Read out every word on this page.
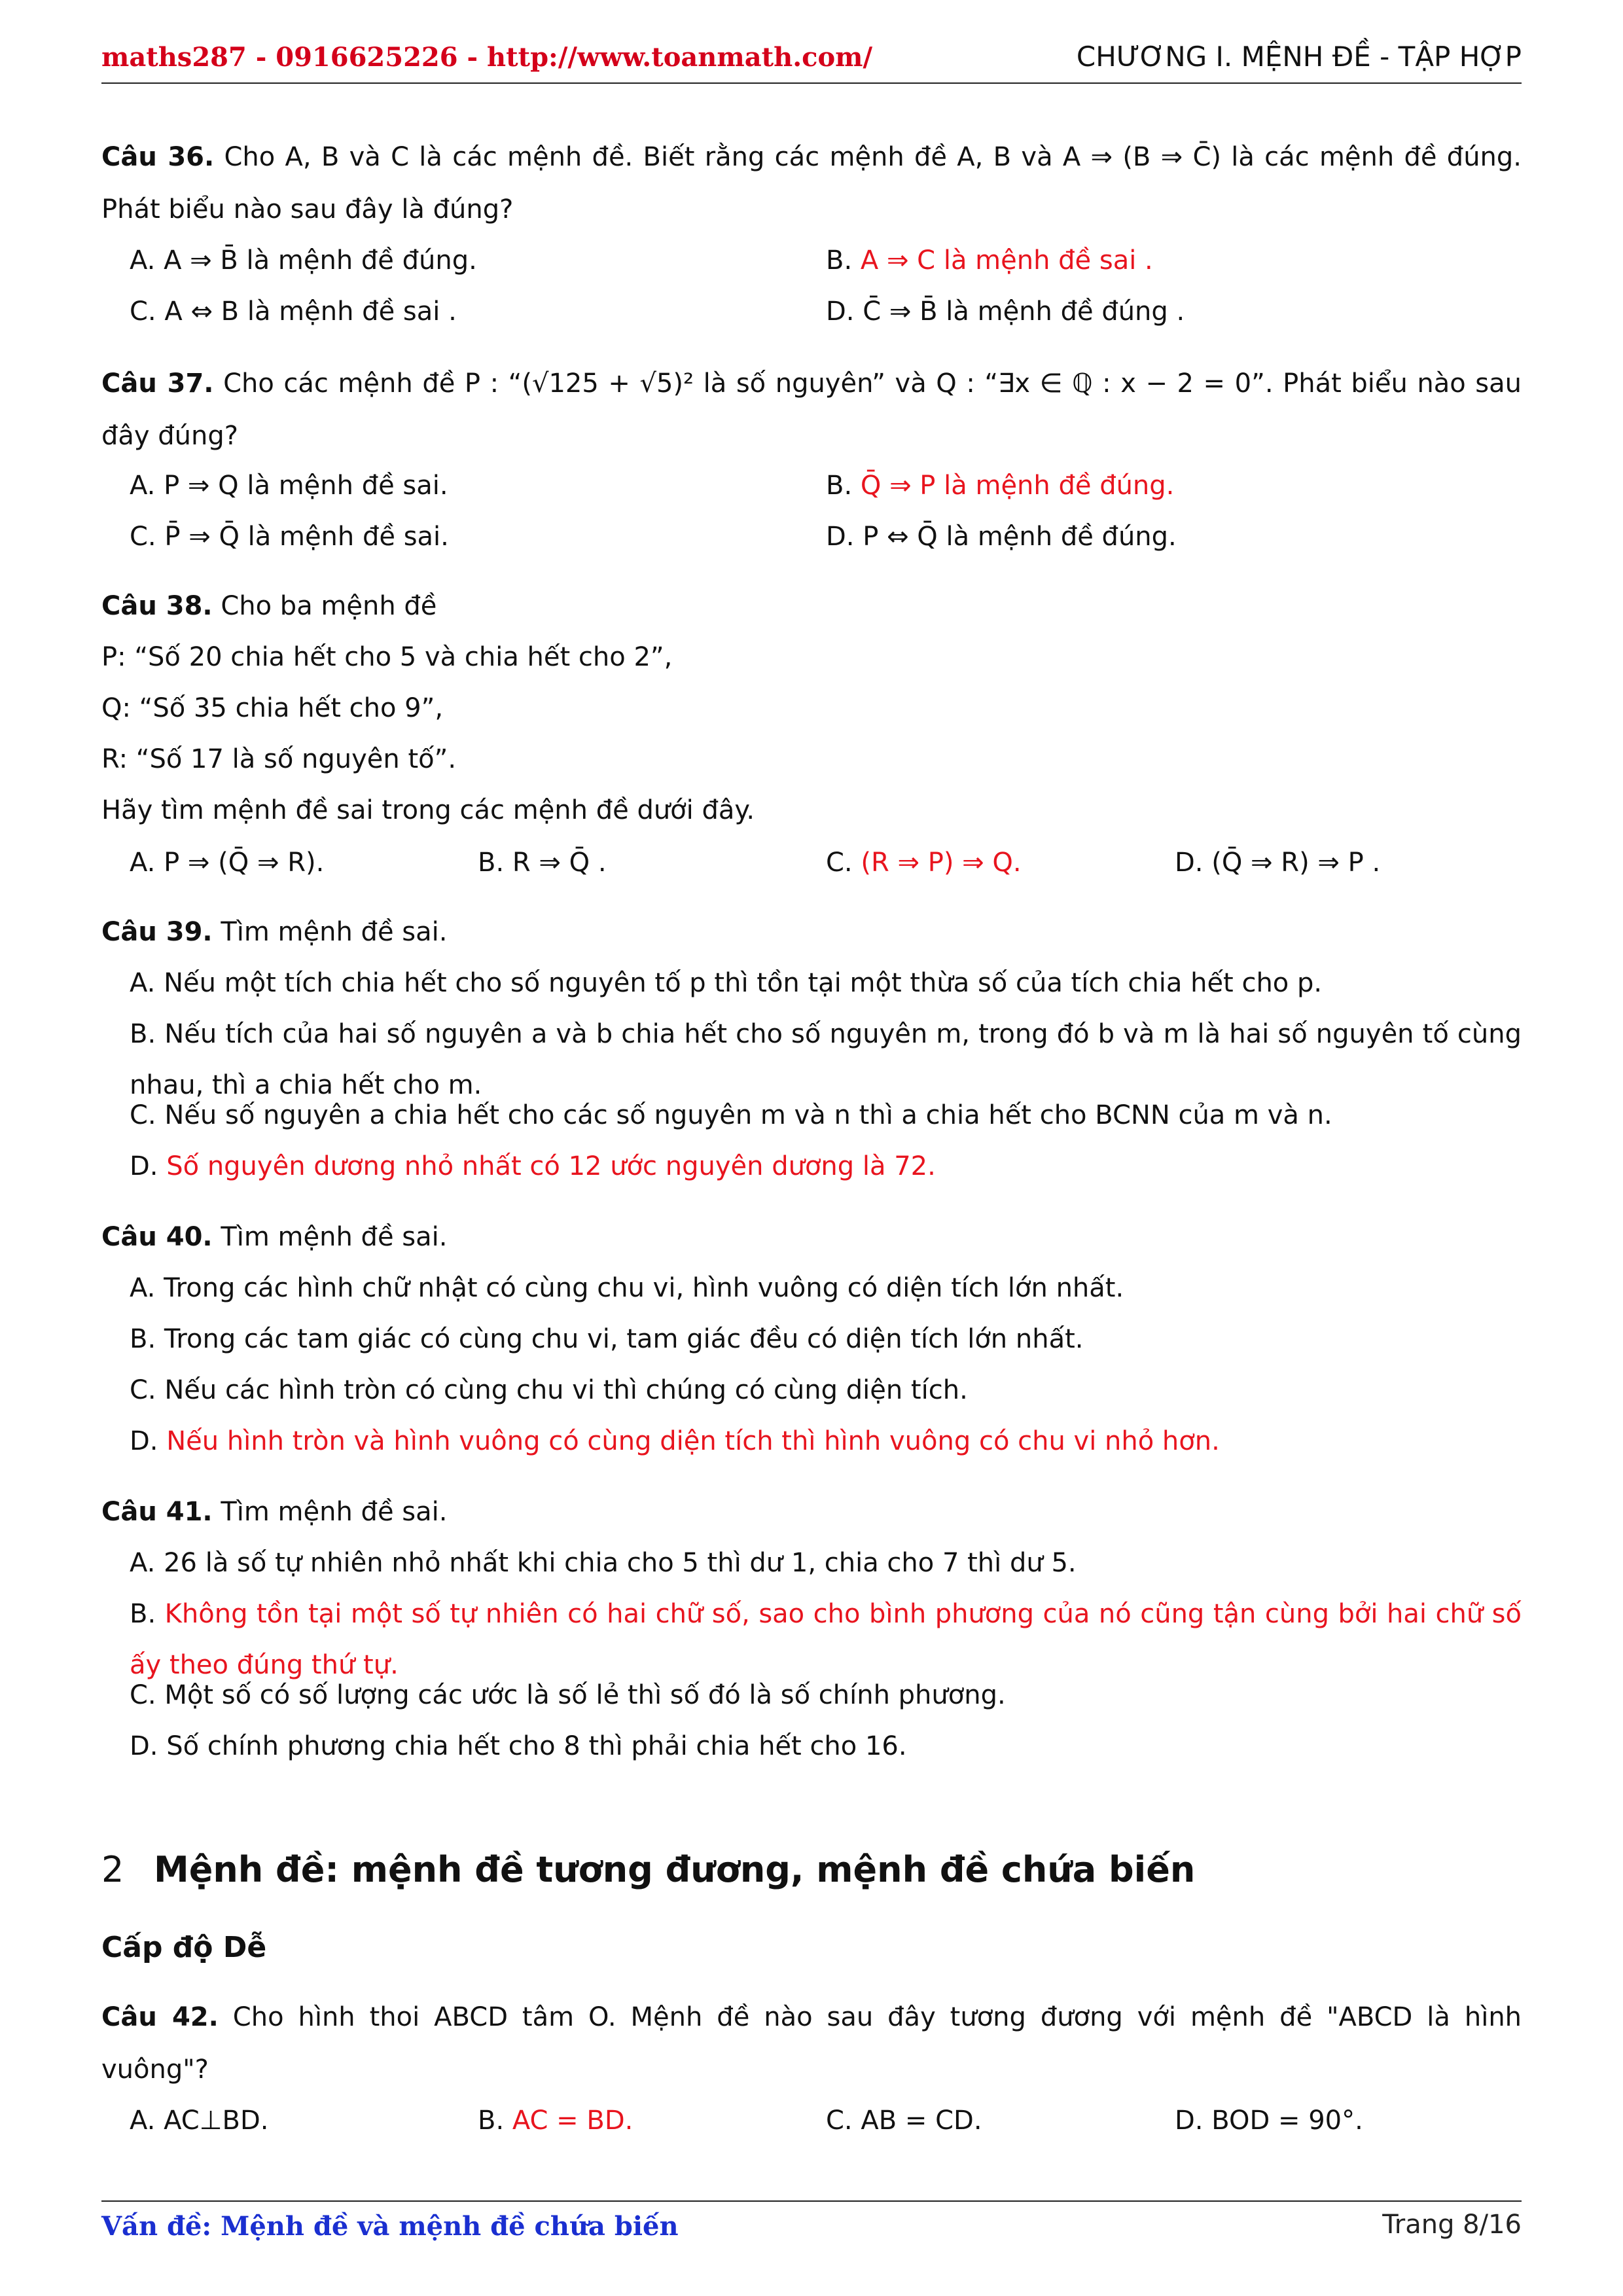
maths287 - 0916625226 - http://www.toanmath.com/	CHƯƠNG I. MỆNH ĐỀ - TẬP HỢP
Câu 36. Cho A, B và C là các mệnh đề. Biết rằng các mệnh đề A, B và A ⇒ (B ⇒ C̄) là các mệnh đề đúng.
Phát biểu nào sau đây là đúng?
A. A ⇒ B̄ là mệnh đề đúng.	B. A ⇒ C là mệnh đề sai .
C. A ⇔ B là mệnh đề sai .	D. C̄ ⇒ B̄ là mệnh đề đúng .
Câu 37. Cho các mệnh đề P : “(√125 + √5)² là số nguyên” và Q : “∃x ∈ ℚ : x − 2 = 0”. Phát biểu nào sau
đây đúng?
A. P ⇒ Q là mệnh đề sai.	B. Q̄ ⇒ P là mệnh đề đúng.
C. P̄ ⇒ Q̄ là mệnh đề sai.	D. P ⇔ Q̄ là mệnh đề đúng.
Câu 38. Cho ba mệnh đề
P: “Số 20 chia hết cho 5 và chia hết cho 2”,
Q: “Số 35 chia hết cho 9”,
R: “Số 17 là số nguyên tố”.
Hãy tìm mệnh đề sai trong các mệnh đề dưới đây.
A. P ⇒ (Q̄ ⇒ R).	B. R ⇒ Q̄ .	C. (R ⇒ P) ⇒ Q.	D. (Q̄ ⇒ R) ⇒ P .
Câu 39. Tìm mệnh đề sai.
A. Nếu một tích chia hết cho số nguyên tố p thì tồn tại một thừa số của tích chia hết cho p.
B. Nếu tích của hai số nguyên a và b chia hết cho số nguyên m, trong đó b và m là hai số nguyên tố cùng
nhau, thì a chia hết cho m.
C. Nếu số nguyên a chia hết cho các số nguyên m và n thì a chia hết cho BCNN của m và n.
D. Số nguyên dương nhỏ nhất có 12 ước nguyên dương là 72.
Câu 40. Tìm mệnh đề sai.
A. Trong các hình chữ nhật có cùng chu vi, hình vuông có diện tích lớn nhất.
B. Trong các tam giác có cùng chu vi, tam giác đều có diện tích lớn nhất.
C. Nếu các hình tròn có cùng chu vi thì chúng có cùng diện tích.
D. Nếu hình tròn và hình vuông có cùng diện tích thì hình vuông có chu vi nhỏ hơn.
Câu 41. Tìm mệnh đề sai.
A. 26 là số tự nhiên nhỏ nhất khi chia cho 5 thì dư 1, chia cho 7 thì dư 5.
B. Không tồn tại một số tự nhiên có hai chữ số, sao cho bình phương của nó cũng tận cùng bởi hai chữ số
ấy theo đúng thứ tự.
C. Một số có số lượng các ước là số lẻ thì số đó là số chính phương.
D. Số chính phương chia hết cho 8 thì phải chia hết cho 16.
2 Mệnh đề: mệnh đề tương đương, mệnh đề chứa biến
Cấp độ Dễ
Câu 42. Cho hình thoi ABCD tâm O. Mệnh đề nào sau đây tương đương với mệnh đề "ABCD là hình
vuông"?
A. AC⊥BD.	B. AC = BD.	C. AB = CD.	D. BOD = 90°.
Vấn đề: Mệnh đề và mệnh đề chứa biến	Trang 8/16
